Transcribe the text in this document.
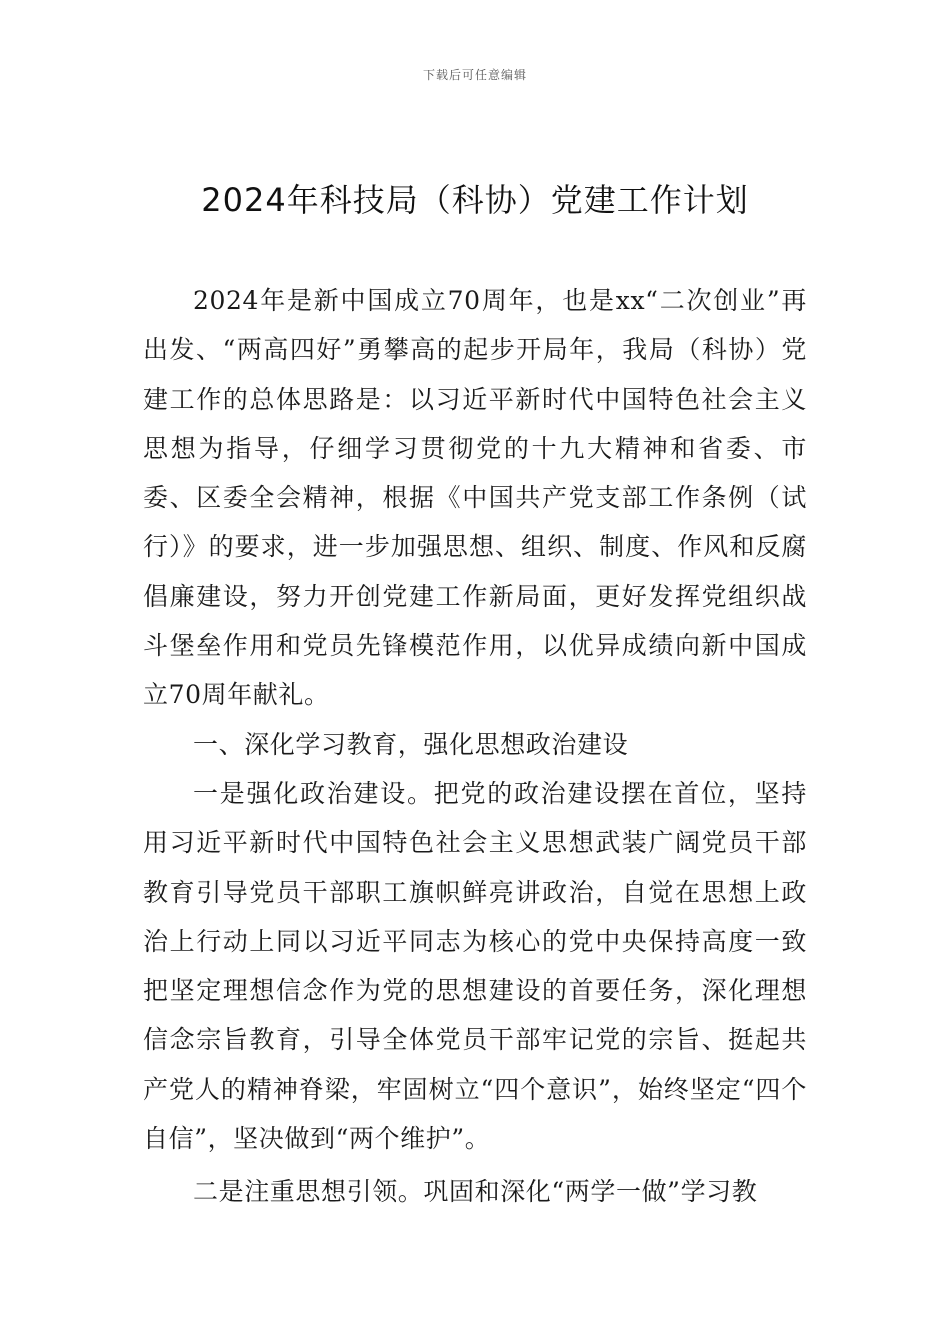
下载后可任意编辑
2024年科技局（科协）党建工作计划

2024年是新中国成立70周年，也是xx“二次创业”再出发、“两高四好”勇攀高的起步开局年，我局（科协）党建工作的总体思路是：以习近平新时代中国特色社会主义思想为指导，仔细学习贯彻党的十九大精神和省委、市委、区委全会精神，根据《中国共产党支部工作条例（试行）》的要求，进一步加强思想、组织、制度、作风和反腐倡廉建设，努力开创党建工作新局面，更好发挥党组织战斗堡垒作用和党员先锋模范作用，以优异成绩向新中国成立70周年献礼。

一、深化学习教育，强化思想政治建设

一是强化政治建设。把党的政治建设摆在首位，坚持用习近平新时代中国特色社会主义思想武装广阔党员干部教育引导党员干部职工旗帜鲜亮讲政治，自觉在思想上政治上行动上同以习近平同志为核心的党中央保持高度一致把坚定理想信念作为党的思想建设的首要任务，深化理想信念宗旨教育，引导全体党员干部牢记党的宗旨、挺起共产党人的精神脊梁，牢固树立“四个意识”，始终坚定“四个自信”，坚决做到“两个维护”。

二是注重思想引领。巩固和深化“两学一做”学习教
